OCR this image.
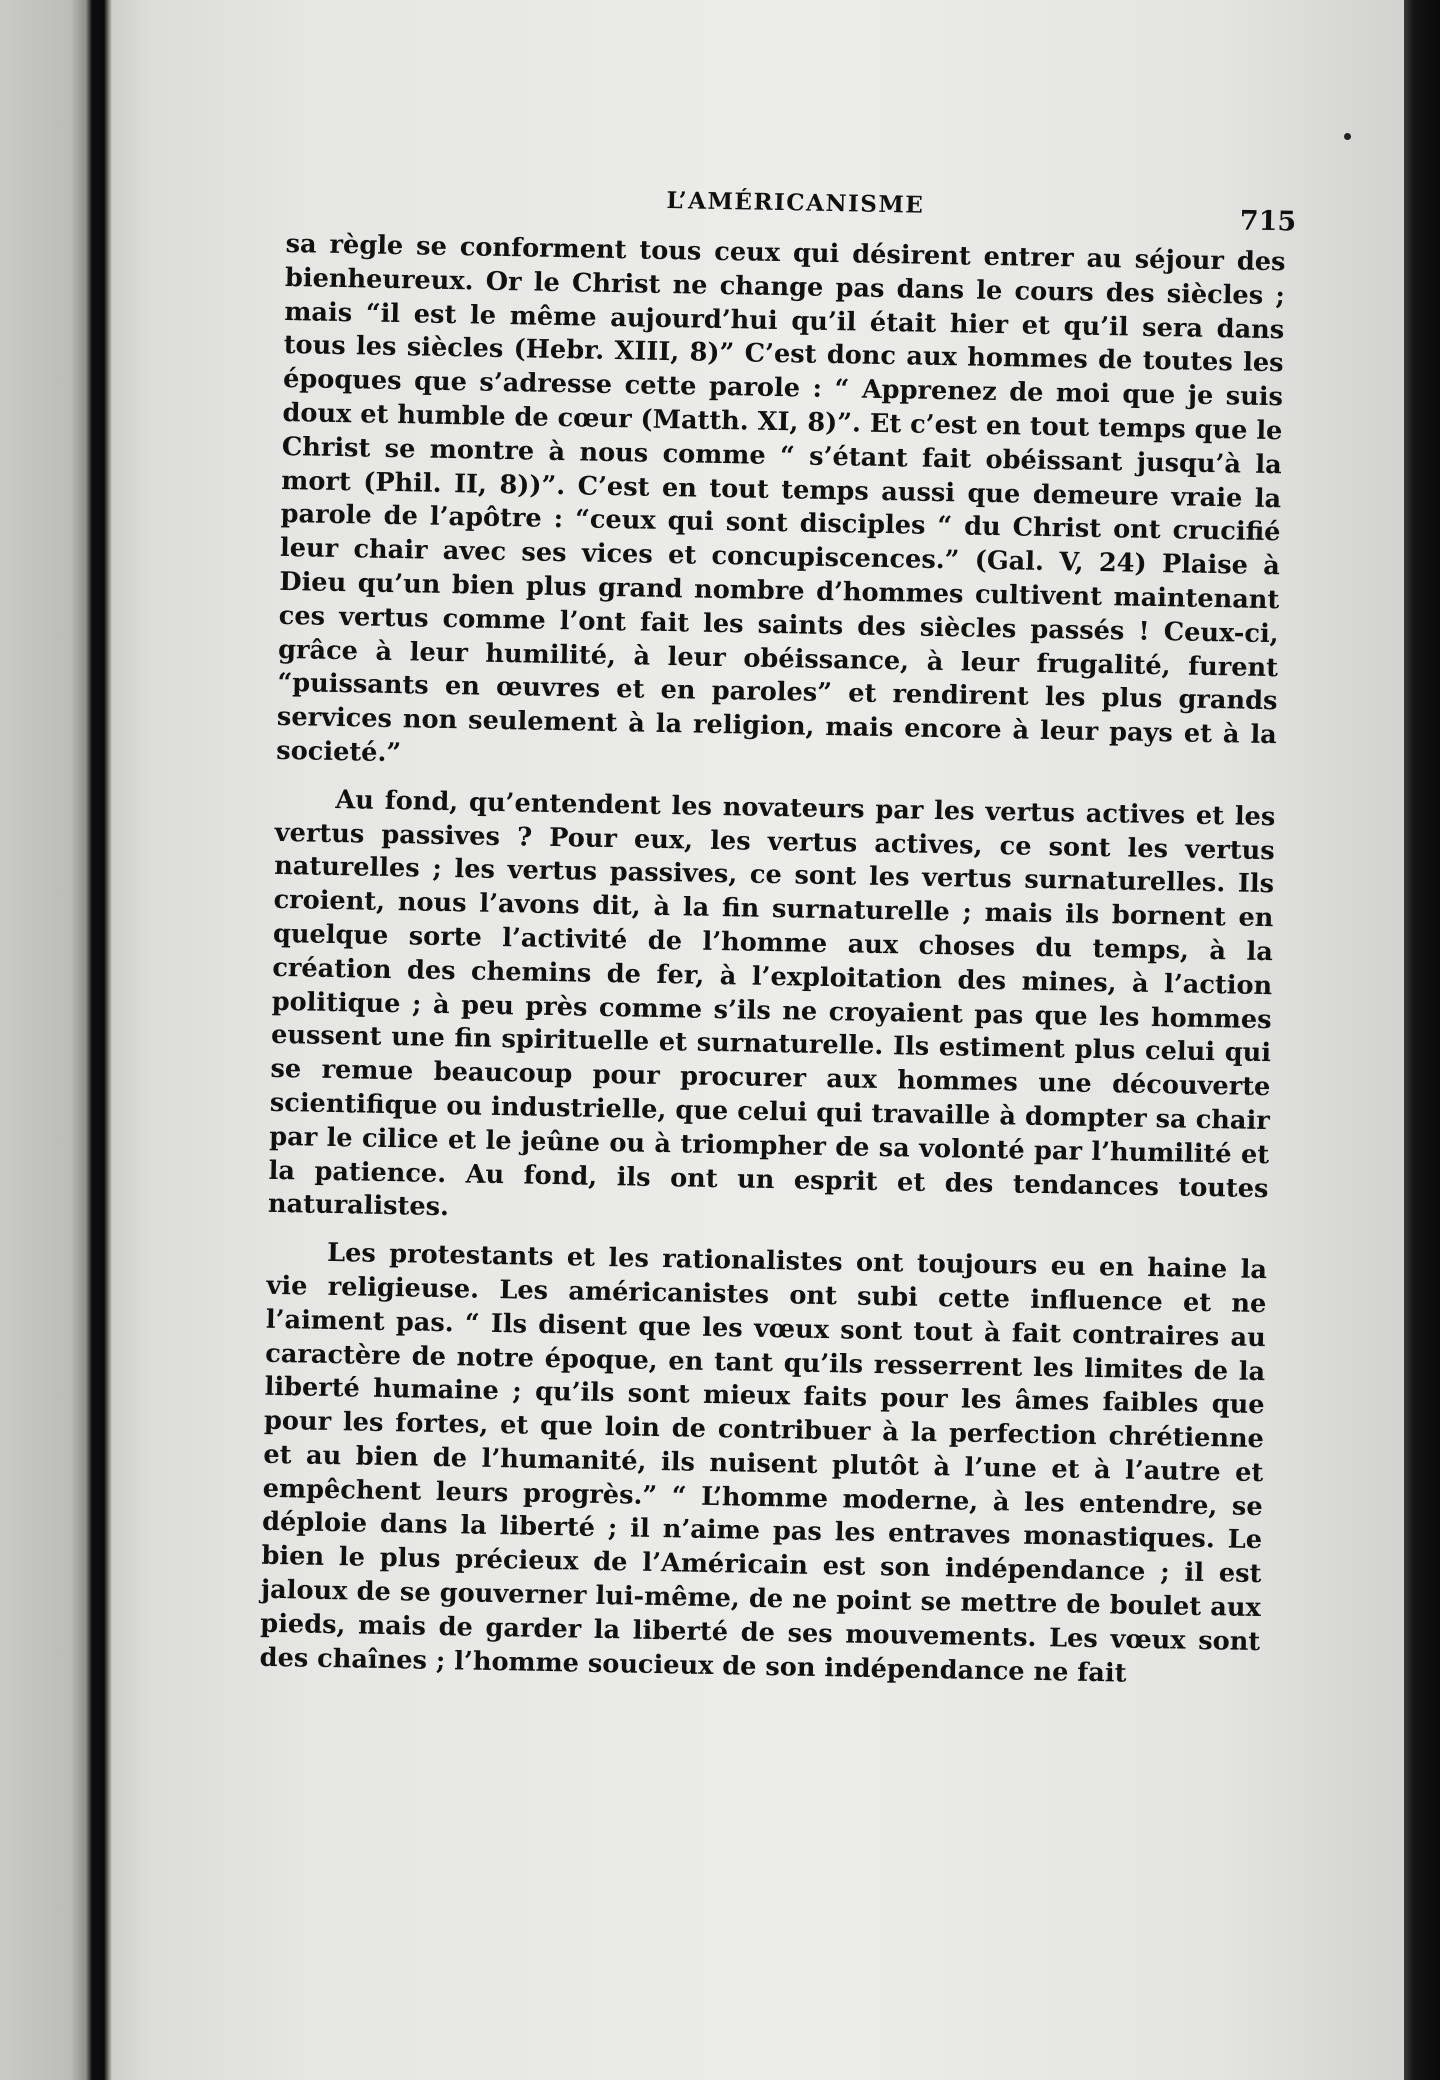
L’AMÉRICANISME
715

sa règle se conforment tous ceux qui désirent entrer au séjour des bienheureux. Or le Christ ne change pas dans le cours des siècles ; mais “il est le même aujourd’hui qu’il était hier et qu’il sera dans tous les siècles (Hebr. XIII, 8)” C’est donc aux hommes de toutes les époques que s’adresse cette parole : “ Apprenez de moi que je suis doux et humble de cœur (Matth. XI, 8)”. Et c’est en tout temps que le Christ se montre à nous comme “ s’étant fait obéissant jusqu’à la mort (Phil. II, 8))”. C’est en tout temps aussi que demeure vraie la parole de l’apôtre : “ceux qui sont disciples “ du Christ ont crucifié leur chair avec ses vices et concupiscences.” (Gal. V, 24) Plaise à Dieu qu’un bien plus grand nombre d’hommes cultivent maintenant ces vertus comme l’ont fait les saints des siècles passés ! Ceux-ci, grâce à leur humilité, à leur obéissance, à leur frugalité, furent “puissants en œuvres et en paroles” et rendirent les plus grands services non seulement à la religion, mais encore à leur pays et à la societé.”

Au fond, qu’entendent les novateurs par les vertus actives et les vertus passives ? Pour eux, les vertus actives, ce sont les vertus naturelles ; les vertus passives, ce sont les vertus surnaturelles. Ils croient, nous l’avons dit, à la fin surnaturelle ; mais ils bornent en quelque sorte l’activité de l’homme aux choses du temps, à la création des chemins de fer, à l’exploitation des mines, à l’action politique ; à peu près comme s’ils ne croyaient pas que les hommes eussent une fin spirituelle et surnaturelle. Ils estiment plus celui qui se remue beaucoup pour procurer aux hommes une découverte scientifique ou industrielle, que celui qui travaille à dompter sa chair par le cilice et le jeûne ou à triompher de sa volonté par l’humilité et la patience. Au fond, ils ont un esprit et des tendances toutes naturalistes.

Les protestants et les rationalistes ont toujours eu en haine la vie religieuse. Les américanistes ont subi cette influence et ne l’aiment pas. “ Ils disent que les vœux sont tout à fait contraires au caractère de notre époque, en tant qu’ils resserrent les limites de la liberté humaine ; qu’ils sont mieux faits pour les âmes faibles que pour les fortes, et que loin de contribuer à la perfection chrétienne et au bien de l’humanité, ils nuisent plutôt à l’une et à l’autre et empêchent leurs progrès.” “ L’homme moderne, à les entendre, se déploie dans la liberté ; il n’aime pas les entraves monastiques. Le bien le plus précieux de l’Américain est son indépendance ; il est jaloux de se gouverner lui-même, de ne point se mettre de boulet aux pieds, mais de garder la liberté de ses mouvements. Les vœux sont des chaînes ; l’homme soucieux de son indépendance ne fait
